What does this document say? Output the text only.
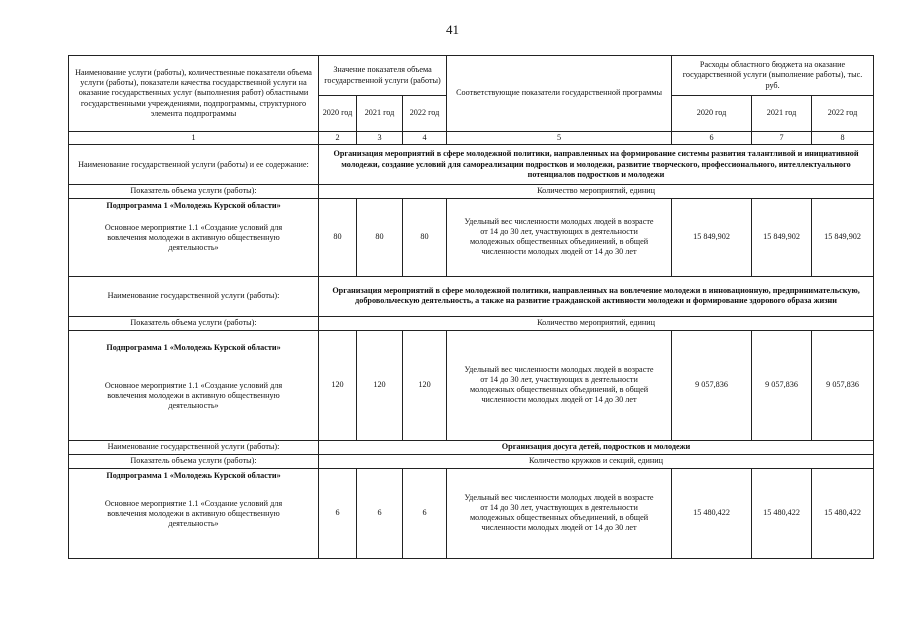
41
Наименование услуги (работы), количественные показатели объема услуги (работы), показатели качества государственной услуги на оказание государственных услуг (выполнения работ) областными государственными учреждениями, подпрограммы, структурного элемента подпрограммы	Значение показателя объема государственной услуги (работы)			Соответствующие показатели государственной программы	Расходы областного бюджета на оказание государственной услуги (выполнение работы), тыс. руб.		
	2020 год	2021 год	2022 год		2020 год	2021 год	2022 год
1	2	3	4	5	6	7	8
Наименование государственной услуги (работы) и ее содержание:	Организация мероприятий в сфере молодежной политики, направленных на формирование системы развития талантливой и инициативной молодежи, создание условий для самореализации подростков и молодежи, развитие творческого, профессионального, интеллектуального потенциалов подростков и молодежи						
Показатель объема услуги (работы):	Количество мероприятий, единиц						

Подпрограмма 1 «Молодежь Курской области»
Основное мероприятие 1.1 «Создание условий для вовлечения молодежи в активную общественную деятельность»	80	80	80	Удельный вес численности молодых людей в возрасте от 14 до 30 лет, участвующих в деятельности молодежных общественных объединений, в общей численности молодых людей от 14 до 30 лет	15 849,902	15 849,902	15 849,902
Наименование государственной услуги (работы):	Организация мероприятий в сфере молодежной политики, направленных на вовлечение молодежи в инновационную, предпринимательскую, добровольческую деятельность, а также на развитие гражданской активности молодежи и формирование здорового образа жизни						
Показатель объема услуги (работы):	Количество мероприятий, единиц						

Подпрограмма 1 «Молодежь Курской области»
Основное мероприятие 1.1 «Создание условий для вовлечения молодежи в активную общественную деятельность»	120	120	120	Удельный вес численности молодых людей в возрасте от 14 до 30 лет, участвующих в деятельности молодежных общественных объединений, в общей численности молодых людей от 14 до 30 лет	9 057,836	9 057,836	9 057,836
Наименование государственной услуги (работы):	Организация досуга детей, подростков и молодежи						
Показатель объема услуги (работы):	Количество кружков и секций, единиц						

Подпрограмма 1 «Молодежь Курской области»
Основное мероприятие 1.1 «Создание условий для вовлечения молодежи в активную общественную деятельность»	6	6	6	Удельный вес численности молодых людей в возрасте от 14 до 30 лет, участвующих в деятельности молодежных общественных объединений, в общей численности молодых людей от 14 до 30 лет	15 480,422	15 480,422	15 480,422
